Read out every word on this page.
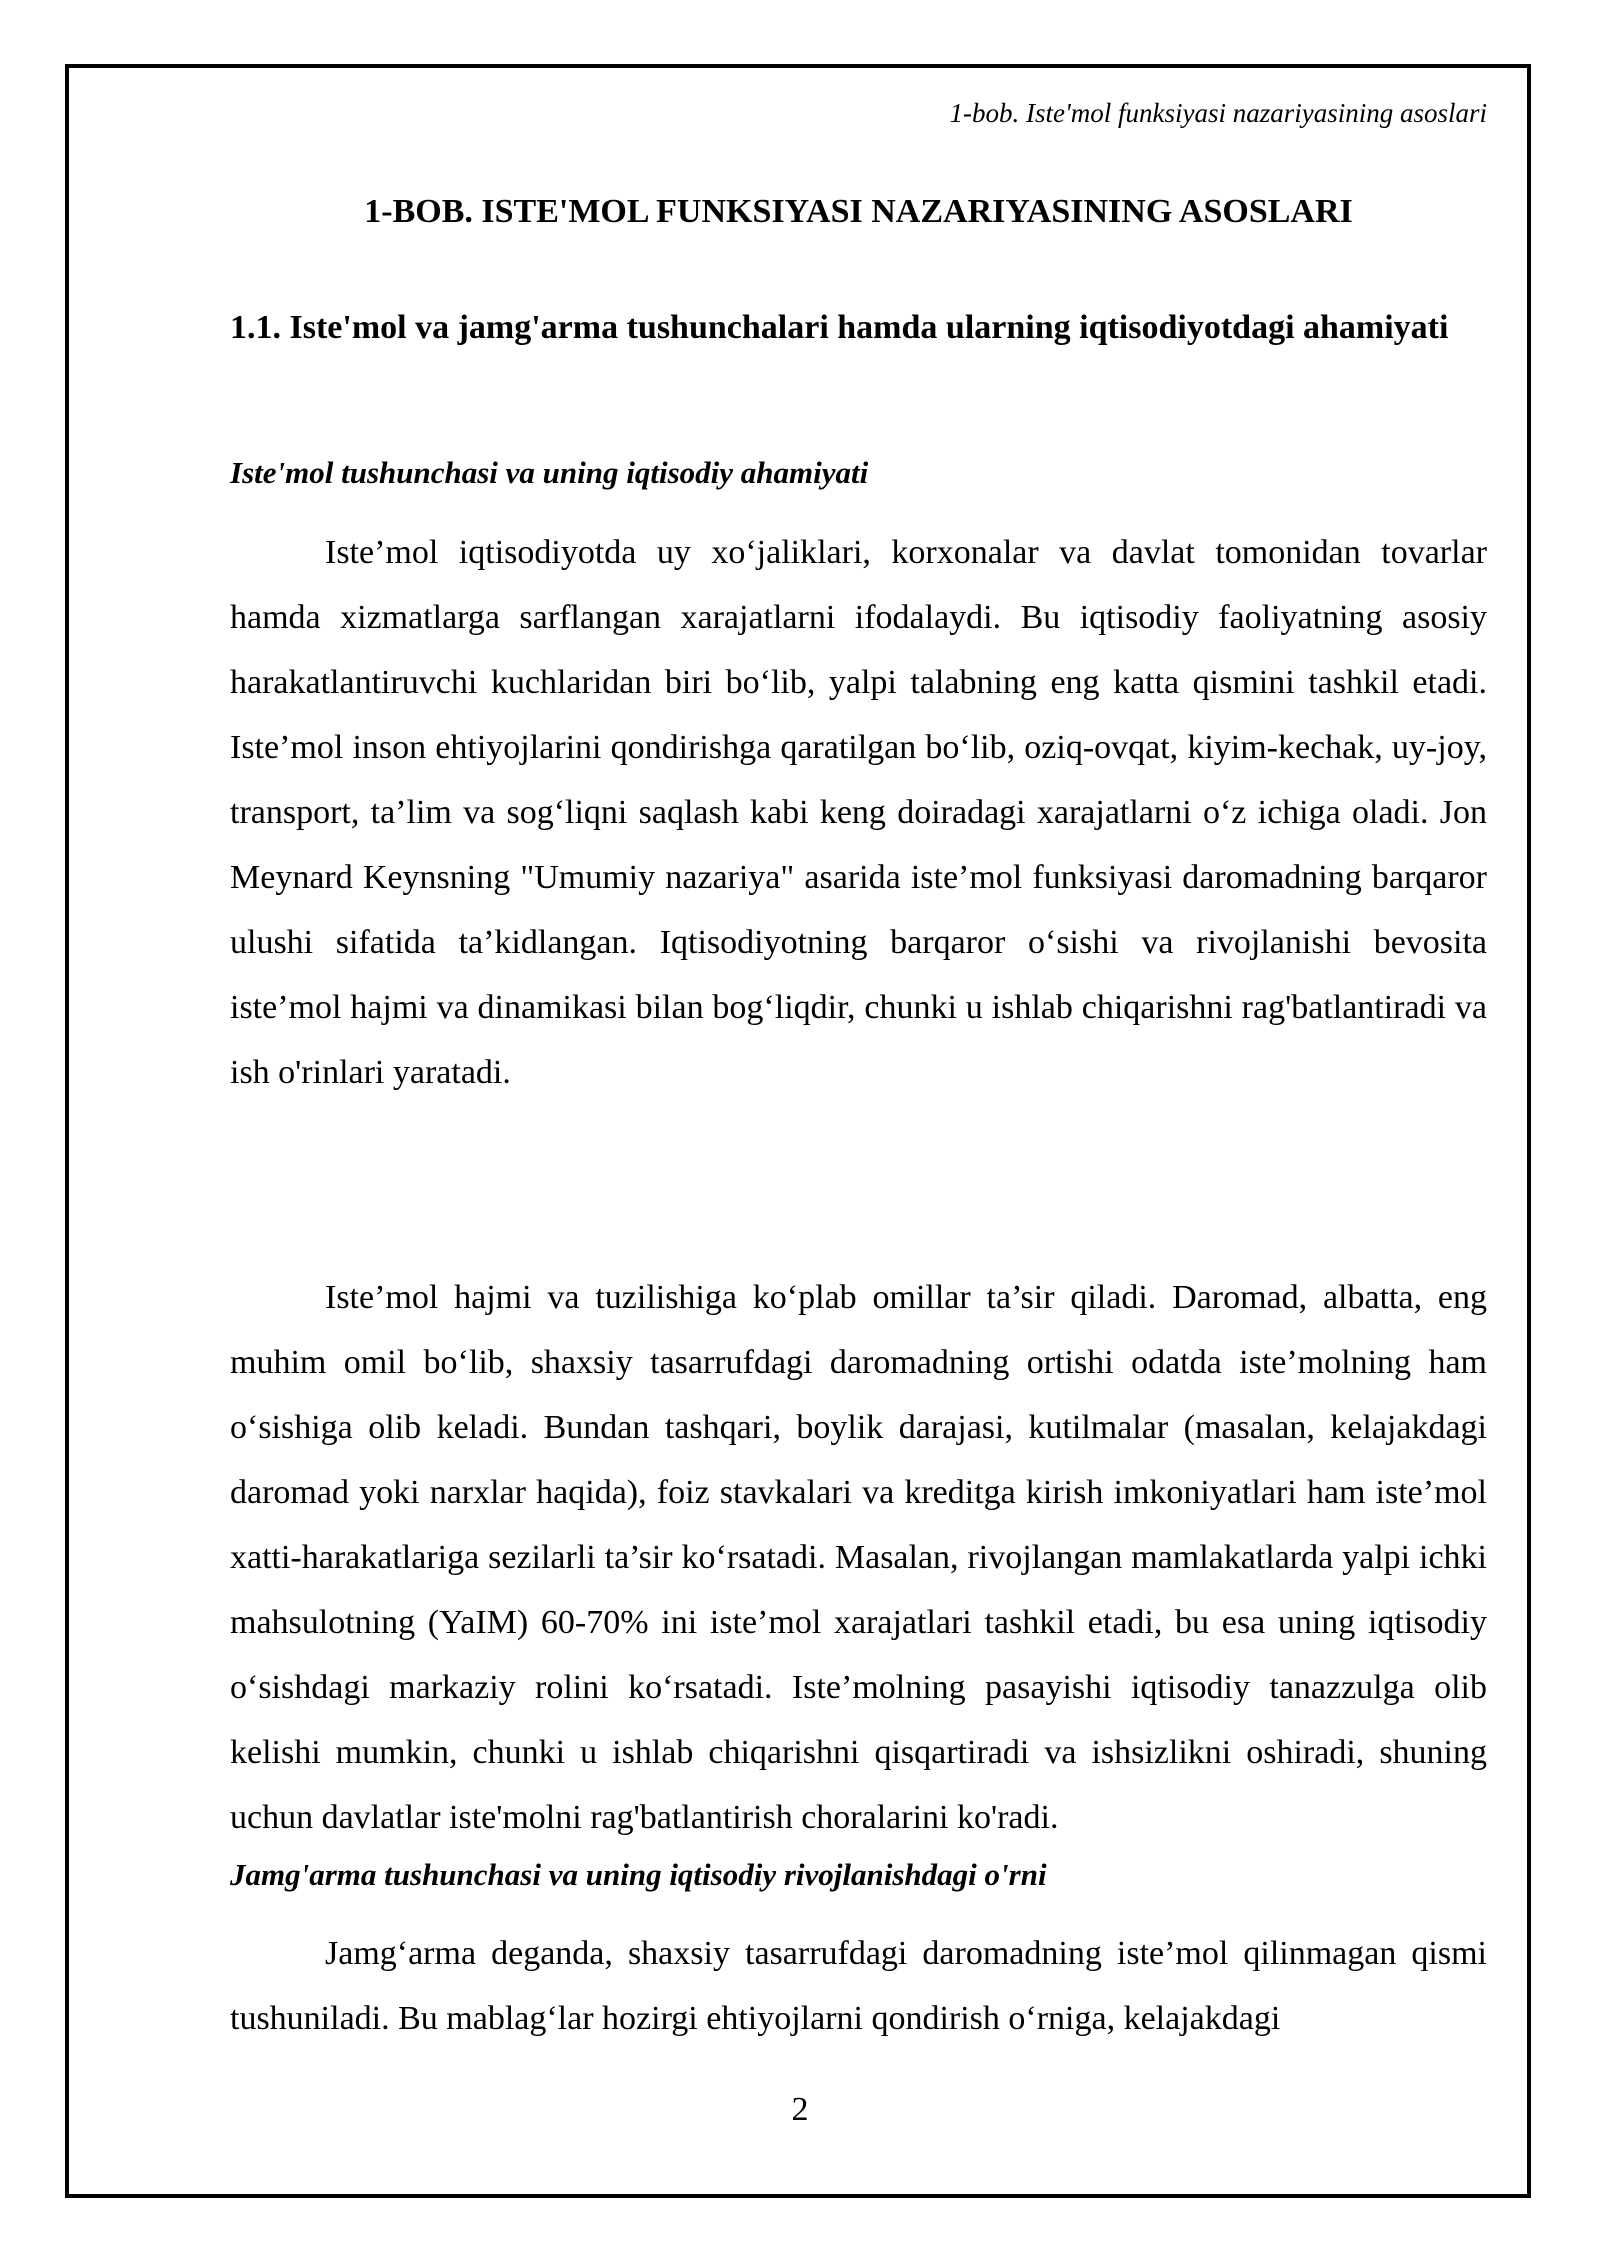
1-bob. Iste'mol funksiyasi nazariyasining asoslari

1-BOB. ISTE'MOL FUNKSIYASI NAZARIYASINING ASOSLARI
1.1. Iste'mol va jamg'arma tushunchalari hamda ularning iqtisodiyotdagi ahamiyati
Iste'mol tushunchasi va uning iqtisodiy ahamiyati

Iste’mol iqtisodiyotda uy xo‘jaliklari, korxonalar va davlat tomonidan tovarlar hamda xizmatlarga sarflangan xarajatlarni ifodalaydi. Bu iqtisodiy faoliyatning asosiy harakatlantiruvchi kuchlaridan biri bo‘lib, yalpi talabning eng katta qismini tashkil etadi. Iste’mol inson ehtiyojlarini qondirishga qaratilgan bo‘lib, oziq-ovqat, kiyim-kechak, uy-joy, transport, ta’lim va sog‘liqni saqlash kabi keng doiradagi xarajatlarni o‘z ichiga oladi. Jon Meynard Keynsning "Umumiy nazariya" asarida iste’mol funksiyasi daromadning barqaror ulushi sifatida ta’kidlangan. Iqtisodiyotning barqaror o‘sishi va rivojlanishi bevosita iste’mol hajmi va dinamikasi bilan bog‘liqdir, chunki u ishlab chiqarishni rag'batlantiradi va ish o'rinlari yaratadi.

Iste’mol hajmi va tuzilishiga ko‘plab omillar ta’sir qiladi. Daromad, albatta, eng muhim omil bo‘lib, shaxsiy tasarrufdagi daromadning ortishi odatda iste’molning ham o‘sishiga olib keladi. Bundan tashqari, boylik darajasi, kutilmalar (masalan, kelajakdagi daromad yoki narxlar haqida), foiz stavkalari va kreditga kirish imkoniyatlari ham iste’mol xatti-harakatlariga sezilarli ta’sir ko‘rsatadi. Masalan, rivojlangan mamlakatlarda yalpi ichki mahsulotning (YaIM) 60-70% ini iste’mol xarajatlari tashkil etadi, bu esa uning iqtisodiy o‘sishdagi markaziy rolini ko‘rsatadi. Iste’molning pasayishi iqtisodiy tanazzulga olib kelishi mumkin, chunki u ishlab chiqarishni qisqartiradi va ishsizlikni oshiradi, shuning uchun davlatlar iste'molni rag'batlantirish choralarini ko'radi.

Jamg'arma tushunchasi va uning iqtisodiy rivojlanishdagi o'rni

Jamg‘arma deganda, shaxsiy tasarrufdagi daromadning iste’mol qilinmagan qismi tushuniladi. Bu mablag‘lar hozirgi ehtiyojlarni qondirish o‘rniga, kelajakdagi

2
